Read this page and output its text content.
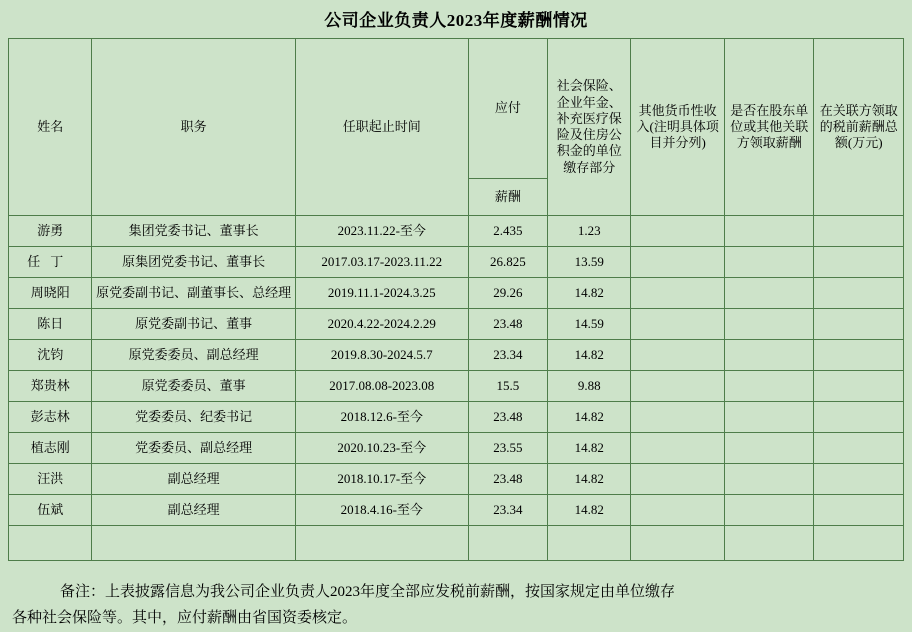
公司企业负责人2023年度薪酬情况
姓名	职务	任职起止时间	应付	社会保险、企业年金、补充医疗保险及住房公积金的单位缴存部分	其他货币性收入(注明具体项目并分列)	是否在股东单位或其他关联方领取薪酬	在关联方领取的税前薪酬总额(万元)
			薪酬				
游勇	集团党委书记、董事长	2023.11.22-至今	2.435	1.23			
任丁	原集团党委书记、董事长	2017.03.17-2023.11.22	26.825	13.59			
周晓阳	原党委副书记、副董事长、总经理	2019.11.1-2024.3.25	29.26	14.82			
陈日	原党委副书记、董事	2020.4.22-2024.2.29	23.48	14.59			
沈钧	原党委委员、副总经理	2019.8.30-2024.5.7	23.34	14.82			
郑贵林	原党委委员、董事	2017.08.08-2023.08	15.5	9.88			
彭志林	党委委员、纪委书记	2018.12.6-至今	23.48	14.82			
植志刚	党委委员、副总经理	2020.10.23-至今	23.55	14.82			
汪洪	副总经理	2018.10.17-至今	23.48	14.82			
伍斌	副总经理	2018.4.16-至今	23.34	14.82			

备注：上表披露信息为我公司企业负责人2023年度全部应发税前薪酬，按国家规定由单位缴存

各种社会保险等。其中，应付薪酬由省国资委核定。
